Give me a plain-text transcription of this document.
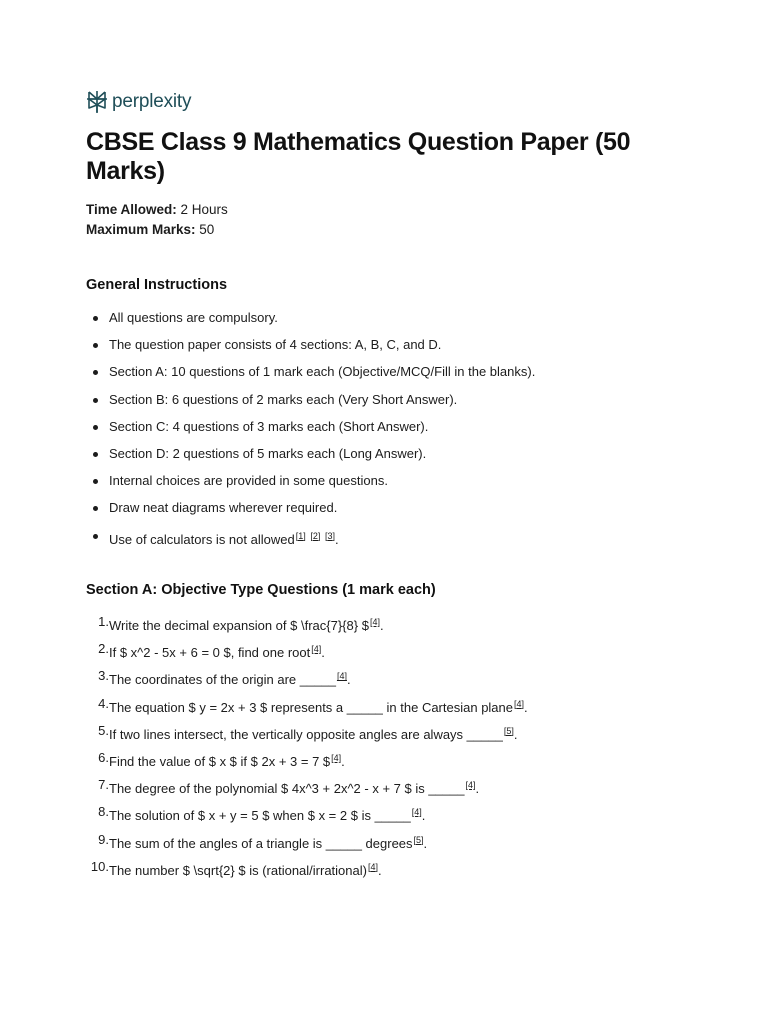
perplexity
CBSE Class 9 Mathematics Question Paper (50 Marks)
Time Allowed: 2 Hours
Maximum Marks: 50
General Instructions
All questions are compulsory.
The question paper consists of 4 sections: A, B, C, and D.
Section A: 10 questions of 1 mark each (Objective/MCQ/Fill in the blanks).
Section B: 6 questions of 2 marks each (Very Short Answer).
Section C: 4 questions of 3 marks each (Short Answer).
Section D: 2 questions of 5 marks each (Long Answer).
Internal choices are provided in some questions.
Draw neat diagrams wherever required.
Use of calculators is not allowed[1] [2] [3].
Section A: Objective Type Questions (1 mark each)
1. Write the decimal expansion of $ \frac{7}{8} $[4].
2. If $ x^2 - 5x + 6 = 0 $, find one root[4].
3. The coordinates of the origin are _____[4].
4. The equation $ y = 2x + 3 $ represents a _____ in the Cartesian plane[4].
5. If two lines intersect, the vertically opposite angles are always _____[5].
6. Find the value of $ x $ if $ 2x + 3 = 7 $[4].
7. The degree of the polynomial $ 4x^3 + 2x^2 - x + 7 $ is _____[4].
8. The solution of $ x + y = 5 $ when $ x = 2 $ is _____[4].
9. The sum of the angles of a triangle is _____ degrees[5].
10. The number $ \sqrt{2} $ is (rational/irrational)[4].
